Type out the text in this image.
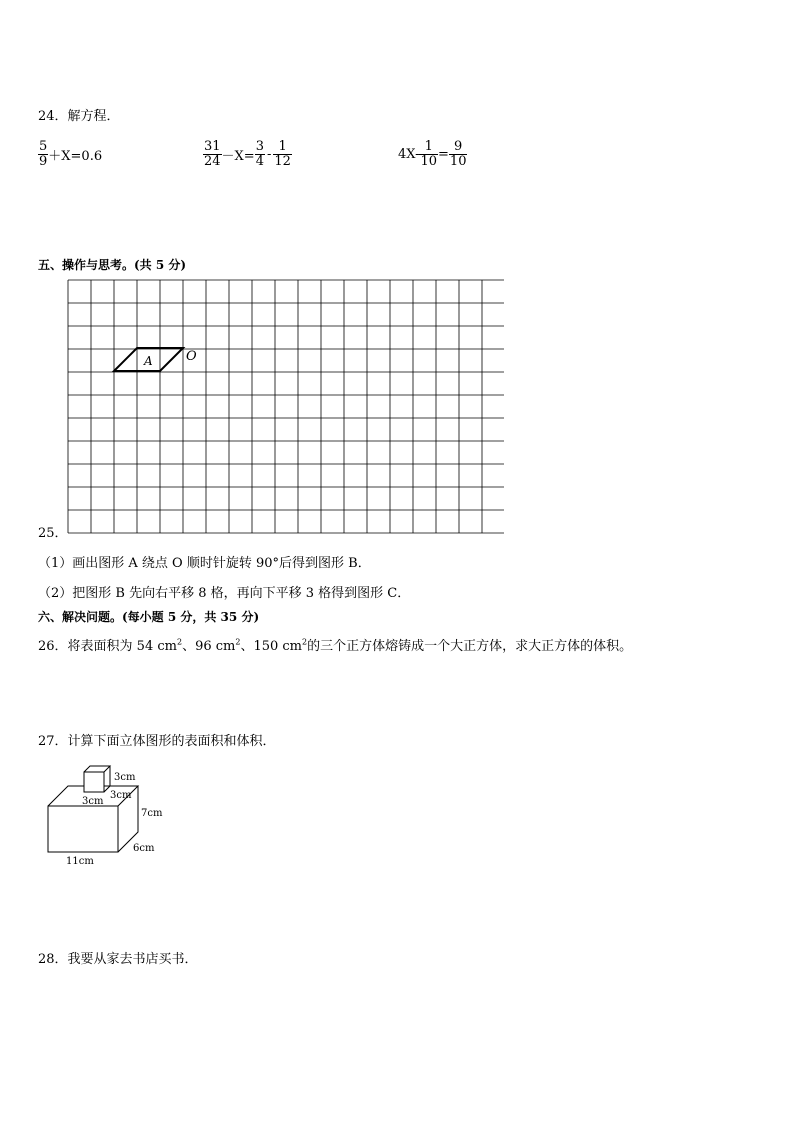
24．解方程．
$\frac{5}{9} +X=0.6$	$\frac{31}{24} -X= \frac{3}{4} - \frac{1}{12}$	$4X- \frac{1}{10} = \frac{9}{10}$
五、操作与思考。(共 5 分)
A	O
25．
（1）画出图形 A 绕点 O 顺时针旋转 90°后得到图形 B．
（2）把图形 B 先向右平移 8 格，再向下平移 3 格得到图形 C．
六、解决问题。(每小题 5 分，共 35 分)
26．将表面积为 54 $cm^2$、96 $cm^2$、150 $cm^2$的三个正方体熔铸成一个大正方体，求大正方体的体积。
27．计算下面立体图形的表面积和体积．
3cm
3cm
3cm
7cm
6cm
11cm
28．我要从家去书店买书．
